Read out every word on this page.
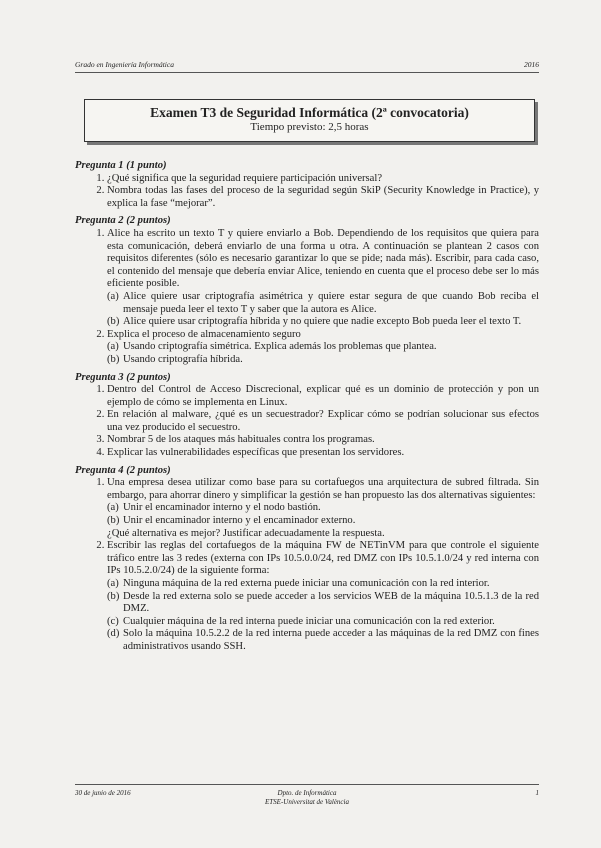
Grado en Ingeniería Informática	2016
Examen T3 de Seguridad Informática (2ª convocatoria)
Tiempo previsto: 2,5 horas
Pregunta 1 (1 punto)
1. ¿Qué significa que la seguridad requiere participación universal?
2. Nombra todas las fases del proceso de la seguridad según SkiP (Security Knowledge in Practice), y explica la fase “mejorar”.
Pregunta 2 (2 puntos)
1. Alice ha escrito un texto T y quiere enviarlo a Bob. Dependiendo de los requisitos que quiera para esta comunicación, deberá enviarlo de una forma u otra. A continuación se plantean 2 casos con requisitos diferentes (sólo es necesario garantizar lo que se pide; nada más). Escribir, para cada caso, el contenido del mensaje que debería enviar Alice, teniendo en cuenta que el proceso debe ser lo más eficiente posible.
(a) Alice quiere usar criptografía asimétrica y quiere estar segura de que cuando Bob reciba el mensaje pueda leer el texto T y saber que la autora es Alice.
(b) Alice quiere usar criptografía híbrida y no quiere que nadie excepto Bob pueda leer el texto T.
2. Explica el proceso de almacenamiento seguro
(a) Usando criptografía simétrica. Explica además los problemas que plantea.
(b) Usando criptografía híbrida.
Pregunta 3 (2 puntos)
1. Dentro del Control de Acceso Discrecional, explicar qué es un dominio de protección y pon un ejemplo de cómo se implementa en Linux.
2. En relación al malware, ¿qué es un secuestrador? Explicar cómo se podrían solucionar sus efectos una vez producido el secuestro.
3. Nombrar 5 de los ataques más habituales contra los programas.
4. Explicar las vulnerabilidades específicas que presentan los servidores.
Pregunta 4 (2 puntos)
1. Una empresa desea utilizar como base para su cortafuegos una arquitectura de subred filtrada. Sin embargo, para ahorrar dinero y simplificar la gestión se han propuesto las dos alternativas siguientes:
(a) Unir el encaminador interno y el nodo bastión.
(b) Unir el encaminador interno y el encaminador externo.
¿Qué alternativa es mejor? Justificar adecuadamente la respuesta.
2. Escribir las reglas del cortafuegos de la máquina FW de NETinVM para que controle el siguiente tráfico entre las 3 redes (externa con IPs 10.5.0.0/24, red DMZ con IPs 10.5.1.0/24 y red interna con IPs 10.5.2.0/24) de la siguiente forma:
(a) Ninguna máquina de la red externa puede iniciar una comunicación con la red interior.
(b) Desde la red externa solo se puede acceder a los servicios WEB de la máquina 10.5.1.3 de la red DMZ.
(c) Cualquier máquina de la red interna puede iniciar una comunicación con la red exterior.
(d) Solo la máquina 10.5.2.2 de la red interna puede acceder a las máquinas de la red DMZ con fines administrativos usando SSH.
30 de junio de 2016	Dpto. de Informática
ETSE-Universitat de València
1
